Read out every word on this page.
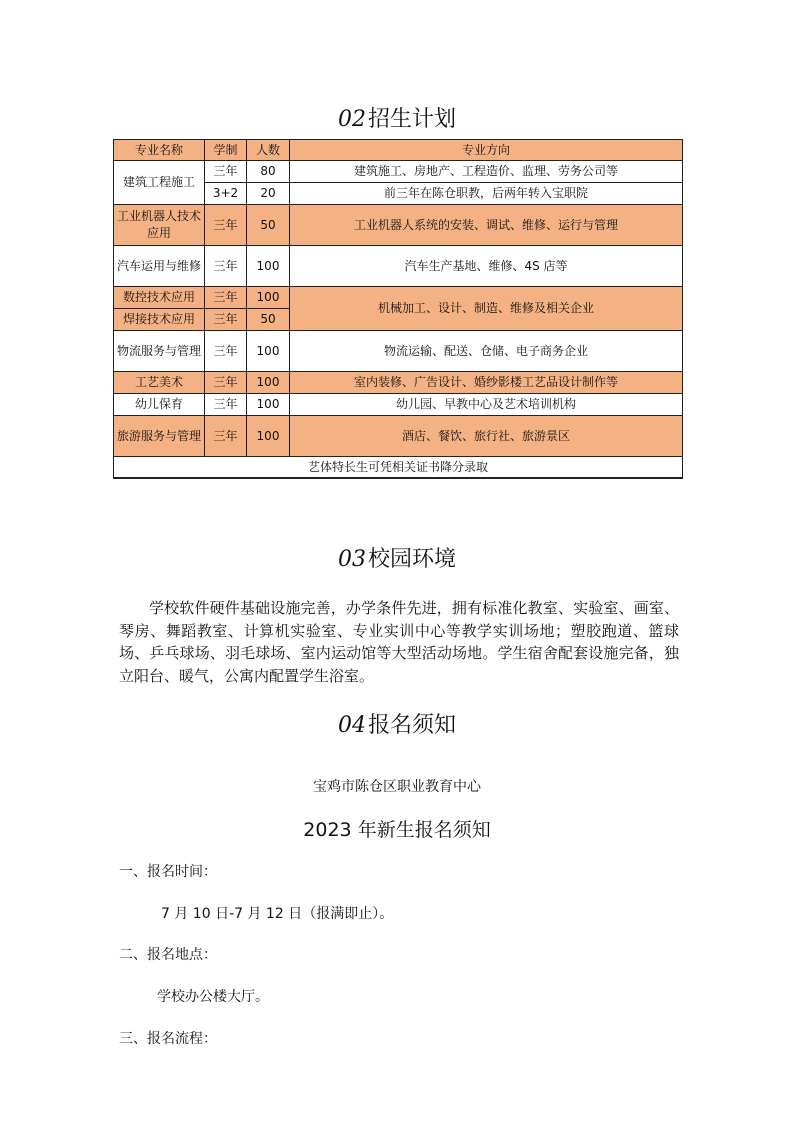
02招生计划
专业名称	学制	人数	专业方向
建筑工程施工	三年	80	建筑施工、房地产、工程造价、监理、劳务公司等
	3+2	20	前三年在陈仓职教，后两年转入宝职院
工业机器人技术应用	三年	50	工业机器人系统的安装、调试、维修、运行与管理
汽车运用与维修	三年	100	汽车生产基地、维修、4S 店等
数控技术应用	三年	100	机械加工、设计、制造、维修及相关企业
焊接技术应用	三年	50	
物流服务与管理	三年	100	物流运输、配送、仓储、电子商务企业
工艺美术	三年	100	室内装修、广告设计、婚纱影楼工艺品设计制作等
幼儿保育	三年	100	幼儿园、早教中心及艺术培训机构
旅游服务与管理	三年	100	酒店、餐饮、旅行社、旅游景区
艺体特长生可凭相关证书降分录取			
03校园环境
学校软件硬件基础设施完善，办学条件先进，拥有标准化教室、实验室、画室、琴房、舞蹈教室、计算机实验室、专业实训中心等教学实训场地；塑胶跑道、篮球场、乒乓球场、羽毛球场、室内运动馆等大型活动场地。学生宿舍配套设施完备，独立阳台、暖气，公寓内配置学生浴室。
04报名须知
宝鸡市陈仓区职业教育中心
2023 年新生报名须知
一、报名时间：
7 月 10 日-7 月 12 日（报满即止）。
二、报名地点：
学校办公楼大厅。
三、报名流程：
